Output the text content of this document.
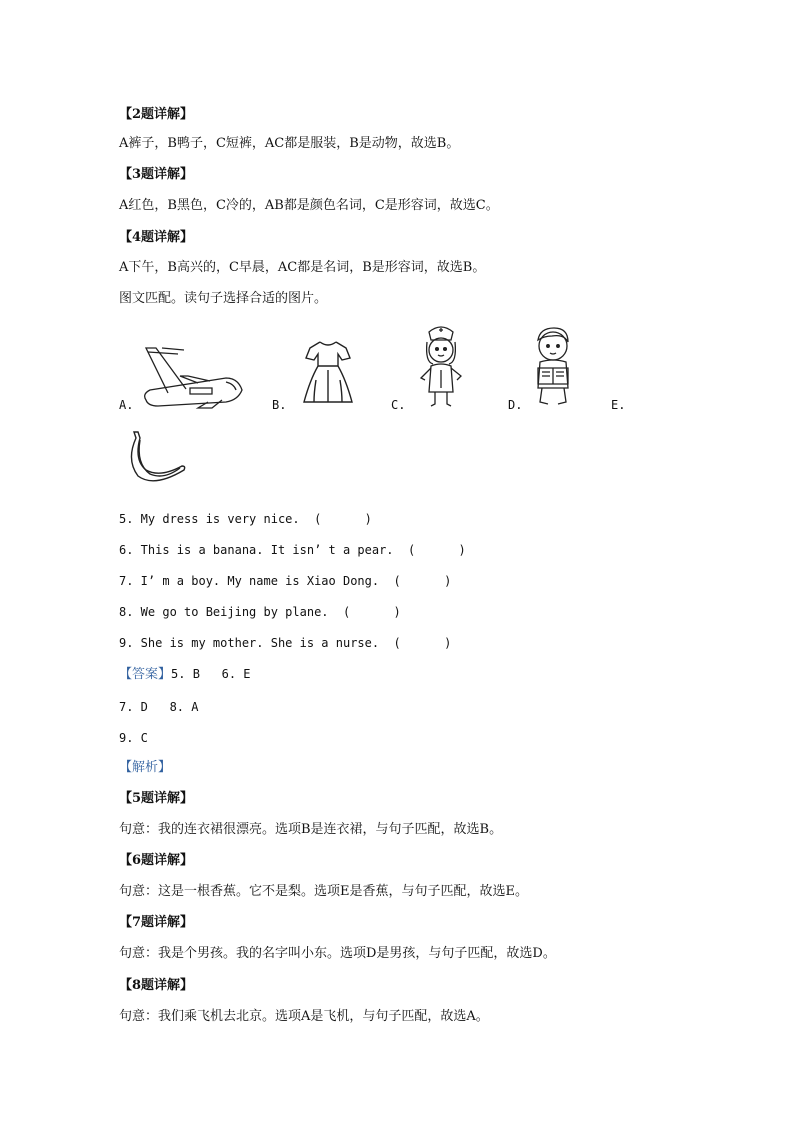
【2题详解】
A裤子，B鸭子，C短裤，AC都是服装，B是动物，故选B。
【3题详解】
A红色，B黑色，C冷的，AB都是颜色名词，C是形容词，故选C。
【4题详解】
A下午，B高兴的，C早晨，AC都是名词，B是形容词，故选B。
图文匹配。读句子选择合适的图片。
A.	B.	C.	D.	E.
5. My dress is very nice.  (      )
6. This is a banana. It isn’ t a pear.  (      )
7. I’ m a boy. My name is Xiao Dong.  (      )
8. We go to Beijing by plane.  (      )
9. She is my mother. She is a nurse.  (      )
【答案】5. B   6. E
7. D   8. A
9. C
【解析】
【5题详解】
句意：我的连衣裙很漂亮。选项B是连衣裙，与句子匹配，故选B。
【6题详解】
句意：这是一根香蕉。它不是梨。选项E是香蕉，与句子匹配，故选E。
【7题详解】
句意：我是个男孩。我的名字叫小东。选项D是男孩，与句子匹配，故选D。
【8题详解】
句意：我们乘飞机去北京。选项A是飞机，与句子匹配，故选A。
